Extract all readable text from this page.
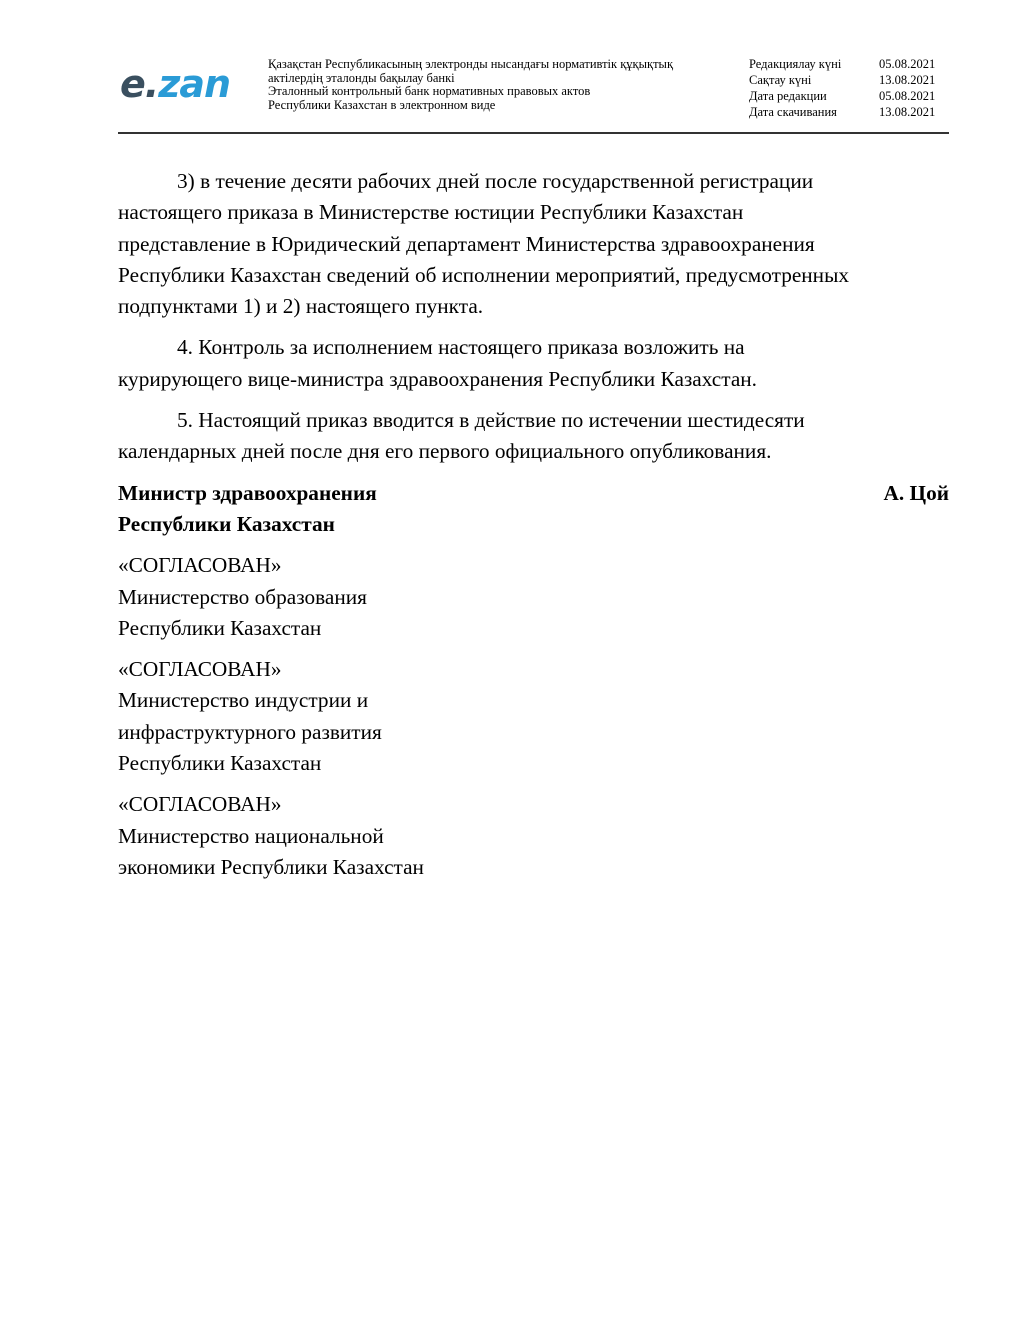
e.zan	Қазақстан Республикасының электронды нысандағы нормативтік құқықтық
актілердің эталонды бақылау банкі
Эталонный контрольный банк нормативных правовых актов
Республики Казахстан в электронном виде
Редакциялау күні	05.08.2021
Сақтау күні	13.08.2021
Дата редакции	05.08.2021
Дата скачивания	13.08.2021
3) в течение десяти рабочих дней после государственной регистрации
настоящего приказа в Министерстве юстиции Республики Казахстан
представление в Юридический департамент Министерства здравоохранения
Республики Казахстан сведений об исполнении мероприятий, предусмотренных
подпунктами 1) и 2) настоящего пункта.
4. Контроль за исполнением настоящего приказа возложить на
курирующего вице-министра здравоохранения Республики Казахстан.
5. Настоящий приказ вводится в действие по истечении шестидесяти
календарных дней после дня его первого официального опубликования.
Министр здравоохранения
Республики Казахстан
А. Цой
«СОГЛАСОВАН»
Министерство образования
Республики Казахстан
«СОГЛАСОВАН»
Министерство индустрии и
инфраструктурного развития
Республики Казахстан
«СОГЛАСОВАН»
Министерство национальной
экономики Республики Казахстан
